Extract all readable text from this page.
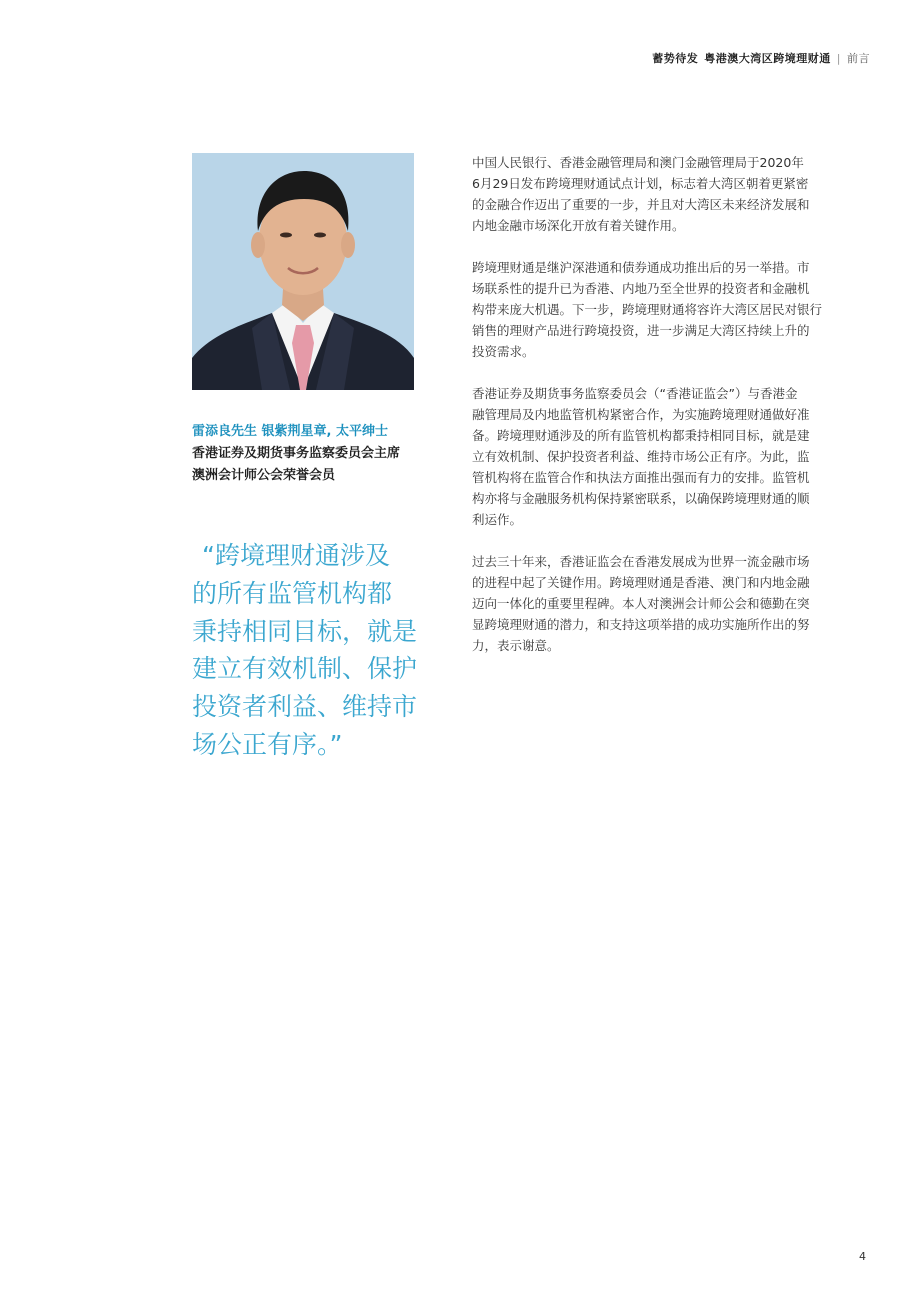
蓄势待发 粤港澳大湾区跨境理财通 | 前言
雷添良先生 银紫荆星章, 太平绅士
香港证券及期货事务监察委员会主席
澳洲会计师公会荣誉会员

“跨境理财通涉及

的所有监管机构都

秉持相同目标，就是

建立有效机制、保护

投资者利益、维持市

场公正有序。”

中国人民银行、香港金融管理局和澳门金融管理局于2020年
6月29日发布跨境理财通试点计划，标志着大湾区朝着更紧密
的金融合作迈出了重要的一步，并且对大湾区未来经济发展和
内地金融市场深化开放有着关键作用。
跨境理财通是继沪深港通和债券通成功推出后的另一举措。市
场联系性的提升已为香港、内地乃至全世界的投资者和金融机
构带来庞大机遇。下一步，跨境理财通将容许大湾区居民对银行
销售的理财产品进行跨境投资，进一步满足大湾区持续上升的
投资需求。
香港证券及期货事务监察委员会（“香港证监会”）与香港金
融管理局及内地监管机构紧密合作，为实施跨境理财通做好准
备。跨境理财通涉及的所有监管机构都秉持相同目标，就是建
立有效机制、保护投资者利益、维持市场公正有序。为此，监
管机构将在监管合作和执法方面推出强而有力的安排。监管机
构亦将与金融服务机构保持紧密联系，以确保跨境理财通的顺
利运作。
过去三十年来，香港证监会在香港发展成为世界一流金融市场
的进程中起了关键作用。跨境理财通是香港、澳门和内地金融
迈向一体化的重要里程碑。本人对澳洲会计师公会和德勤在突
显跨境理财通的潜力，和支持这项举措的成功实施所作出的努
力，表示谢意。
4
